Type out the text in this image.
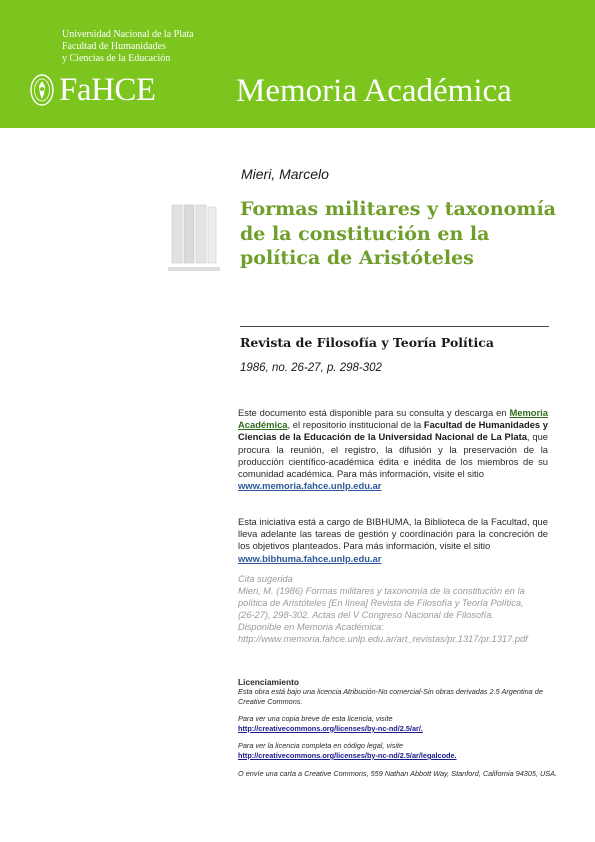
Universidad Nacional de la Plata
Facultad de Humanidades
y Ciencias de la Educación
FaHCE Memoria Académica
Mieri, Marcelo
Formas militares y taxonomía de la constitución en la política de Aristóteles
Revista de Filosofía y Teoría Política
1986, no. 26-27, p. 298-302
Este documento está disponible para su consulta y descarga en Memoria Académica, el repositorio institucional de la Facultad de Humanidades y Ciencias de la Educación de la Universidad Nacional de La Plata, que procura la reunión, el registro, la difusión y la preservación de la producción científico-académica édita e inédita de los miembros de su comunidad académica. Para más información, visite el sitio
www.memoria.fahce.unlp.edu.ar
Esta iniciativa está a cargo de BIBHUMA, la Biblioteca de la Facultad, que lleva adelante las tareas de gestión y coordinación para la concreción de los objetivos planteados. Para más información, visite el sitio
www.bibhuma.fahce.unlp.edu.ar
Cita sugerida
Mieri, M. (1986) Formas militares y taxonomía de la constitución en la
política de Aristóteles [En línea] Revista de Filosofía y Teoría Política,
(26-27), 298-302. Actas del V Congreso Nacional de Filosofía.
Disponible en Memoria Académica:
http://www.memoria.fahce.unlp.edu.ar/art_revistas/pr.1317/pr.1317.pdf
Licenciamiento
Esta obra está bajo una licencia Atribución-No comercial-Sin obras derivadas 2.5 Argentina de Creative Commons.
Para ver una copia breve de esta licencia, visite
http://creativecommons.org/licenses/by-nc-nd/2.5/ar/.
Para ver la licencia completa en código legal, visite
http://creativecommons.org/licenses/by-nc-nd/2.5/ar/legalcode.
O envíe una carta a Creative Commons, 559 Nathan Abbott Way, Stanford, California 94305, USA.
